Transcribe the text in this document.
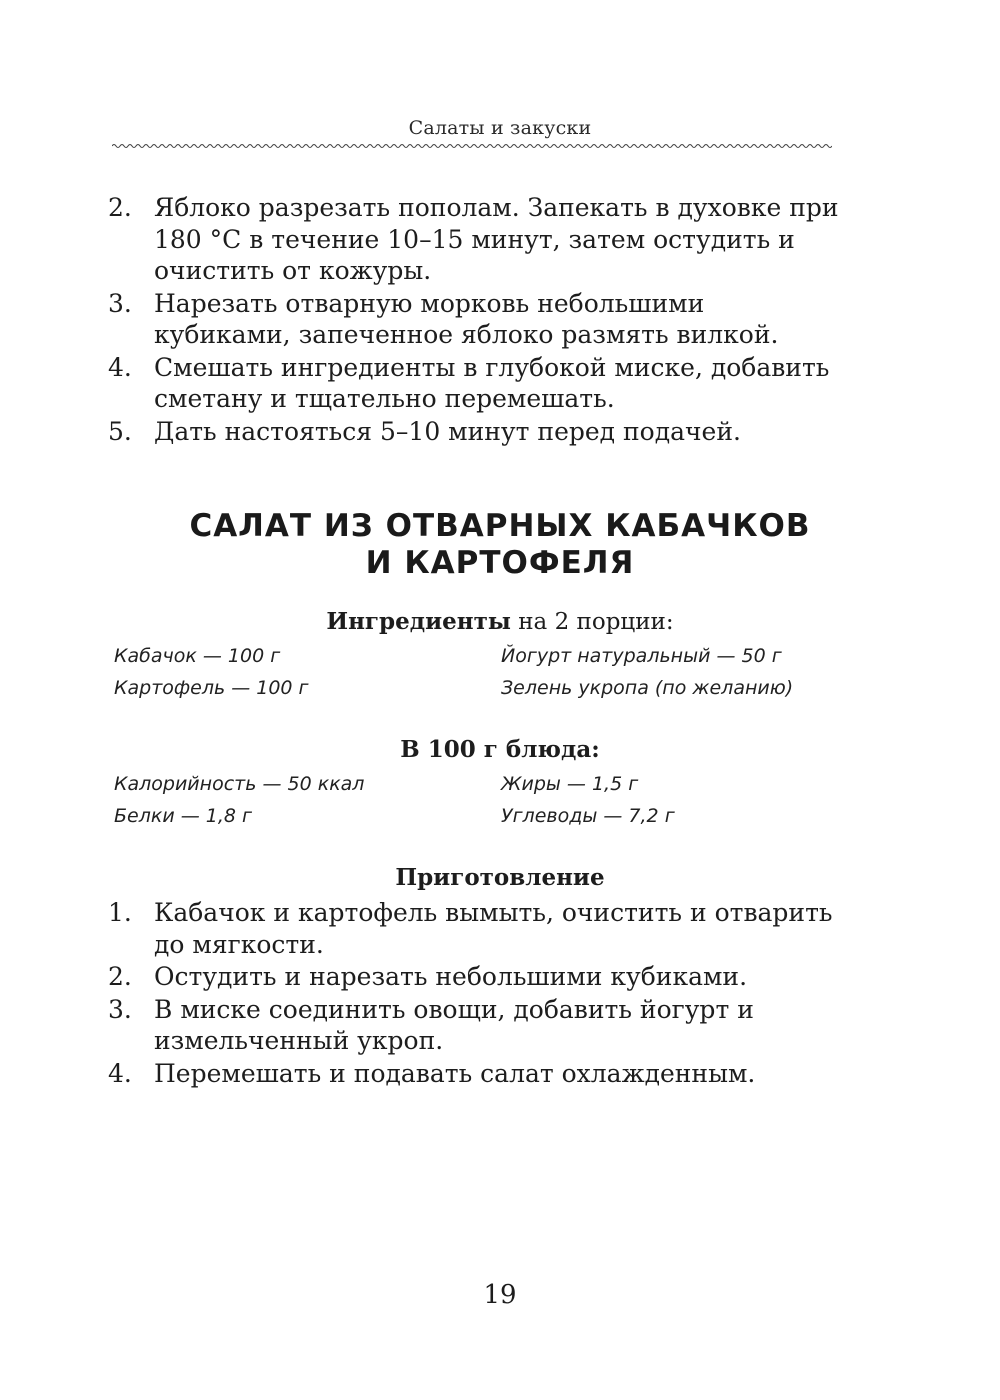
Салаты и закуски
2. Яблоко разрезать пополам. Запекать в духовке при 180 °С в течение 10–15 минут, затем остудить и очистить от кожуры.
3. Нарезать отварную морковь небольшими кубиками, запеченное яблоко размять вилкой.
4. Смешать ингредиенты в глубокой миске, добавить сметану и тщательно перемешать.
5. Дать настояться 5–10 минут перед подачей.
САЛАТ ИЗ ОТВАРНЫХ КАБАЧКОВ
И КАРТОФЕЛЯ
Ингредиенты на 2 порции:
Кабачок — 100 г	Йогурт натуральный — 50 г
Картофель — 100 г	Зелень укропа (по желанию)
В 100 г блюда:
Калорийность — 50 ккал	Жиры — 1,5 г
Белки — 1,8 г	Углеводы — 7,2 г
Приготовление
1. Кабачок и картофель вымыть, очистить и отварить до мягкости.
2. Остудить и нарезать небольшими кубиками.
3. В миске соединить овощи, добавить йогурт и измельченный укроп.
4. Перемешать и подавать салат охлажденным.
19
